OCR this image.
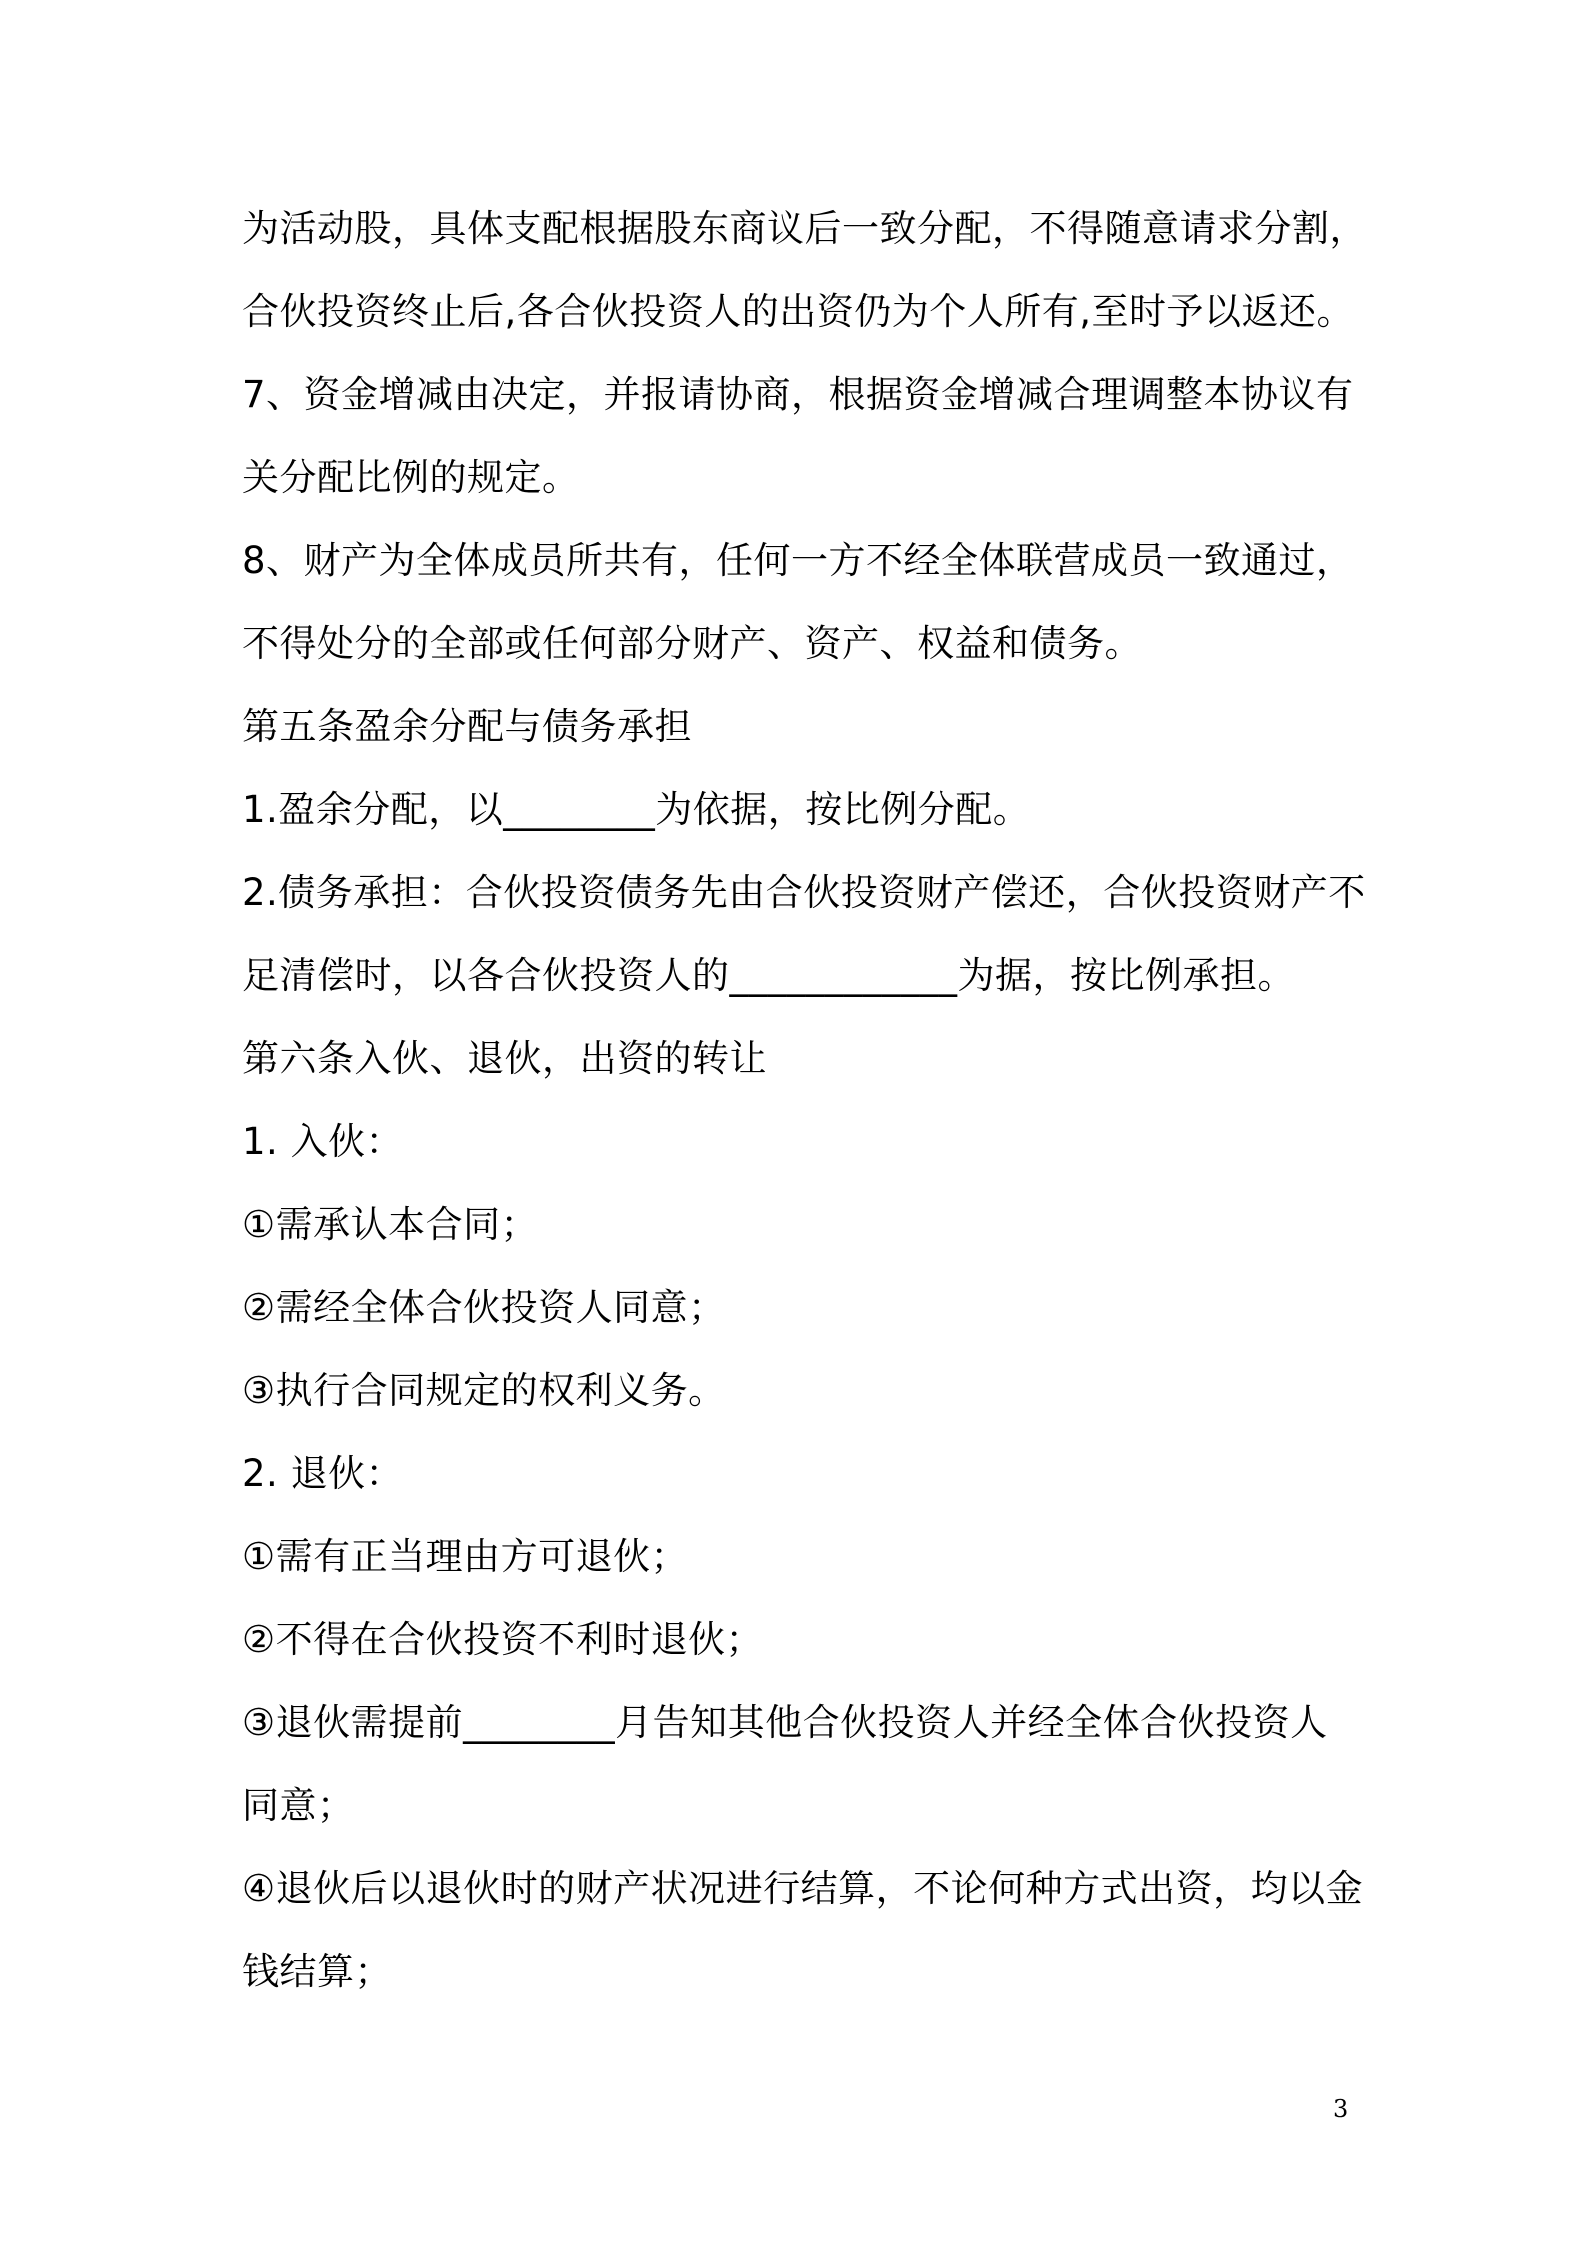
为活动股，具体支配根据股东商议后一致分配，不得随意请求分割，
合伙投资终止后,各合伙投资人的出资仍为个人所有,至时予以返还。
7、资金增减由决定，并报请协商，根据资金增减合理调整本协议有
关分配比例的规定。
8、财产为全体成员所共有，任何一方不经全体联营成员一致通过，
不得处分的全部或任何部分财产、资产、权益和债务。
第五条盈余分配与债务承担
1.盈余分配，以________为依据，按比例分配。
2.债务承担：合伙投资债务先由合伙投资财产偿还，合伙投资财产不
足清偿时，以各合伙投资人的____________为据，按比例承担。
第六条入伙、退伙，出资的转让
1. 入伙：
①需承认本合同；
②需经全体合伙投资人同意；
③执行合同规定的权利义务。
2. 退伙：
①需有正当理由方可退伙；
②不得在合伙投资不利时退伙；
③退伙需提前________月告知其他合伙投资人并经全体合伙投资人
同意；
④退伙后以退伙时的财产状况进行结算，不论何种方式出资，均以金
钱结算；
3
